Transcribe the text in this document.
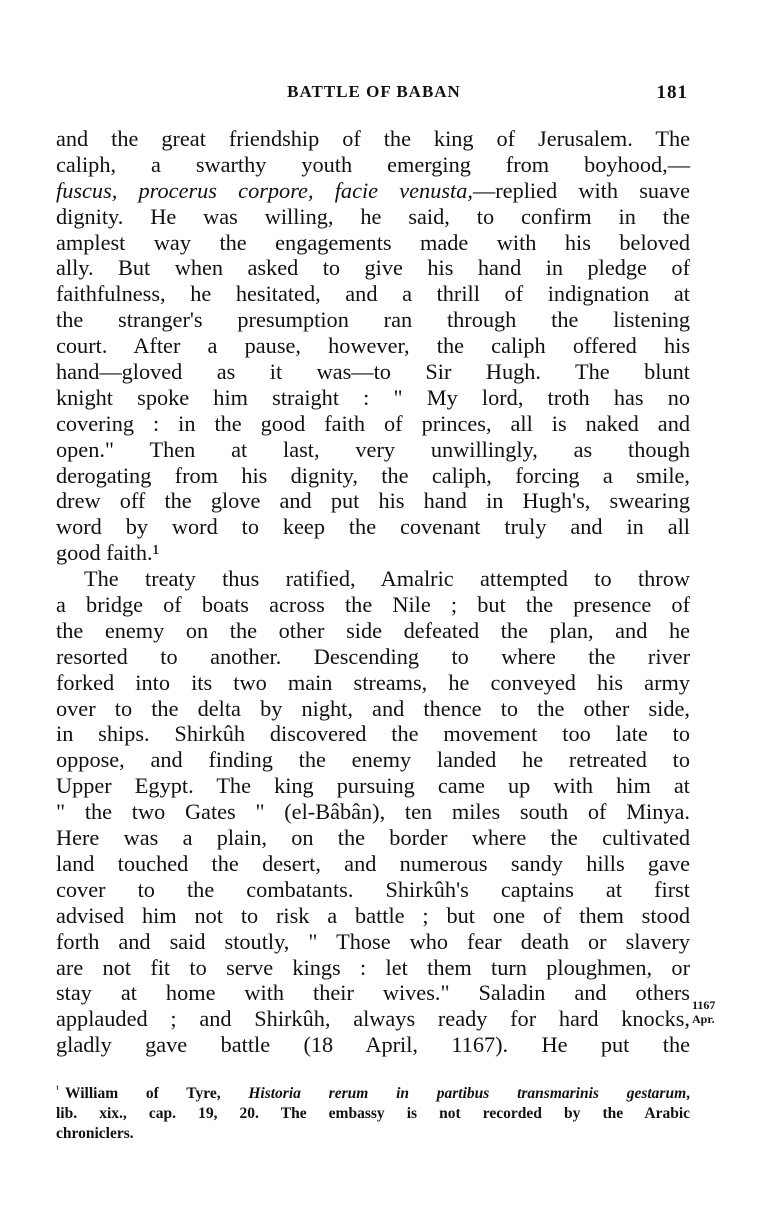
BATTLE OF BABAN	181
and the great friendship of the king of Jerusalem. The
caliph, a swarthy youth emerging from boyhood,—
fuscus, procerus corpore, facie venusta,—replied with suave
dignity. He was willing, he said, to confirm in the
amplest way the engagements made with his beloved
ally. But when asked to give his hand in pledge of
faithfulness, he hesitated, and a thrill of indignation at
the stranger's presumption ran through the listening
court. After a pause, however, the caliph offered his
hand—gloved as it was—to Sir Hugh. The blunt
knight spoke him straight : " My lord, troth has no
covering : in the good faith of princes, all is naked and
open." Then at last, very unwillingly, as though
derogating from his dignity, the caliph, forcing a smile,
drew off the glove and put his hand in Hugh's, swearing
word by word to keep the covenant truly and in all
good faith.¹
The treaty thus ratified, Amalric attempted to throw
a bridge of boats across the Nile ; but the presence of
the enemy on the other side defeated the plan, and he
resorted to another. Descending to where the river
forked into its two main streams, he conveyed his army
over to the delta by night, and thence to the other side,
in ships. Shirkûh discovered the movement too late to
oppose, and finding the enemy landed he retreated to
Upper Egypt. The king pursuing came up with him at
" the two Gates " (el-Bâbân), ten miles south of Minya.
Here was a plain, on the border where the cultivated
land touched the desert, and numerous sandy hills gave
cover to the combatants. Shirkûh's captains at first
advised him not to risk a battle ; but one of them stood
forth and said stoutly, " Those who fear death or slavery
are not fit to serve kings : let them turn ploughmen, or
stay at home with their wives." Saladin and others
applauded ; and Shirkûh, always ready for hard knocks,
gladly gave battle (18 April, 1167). He put the
1167
Apr.
$^{^1}$ William of Tyre, Historia rerum in partibus transmarinis gestarum,
lib. xix., cap. 19, 20. The embassy is not recorded by the Arabic
chroniclers.
